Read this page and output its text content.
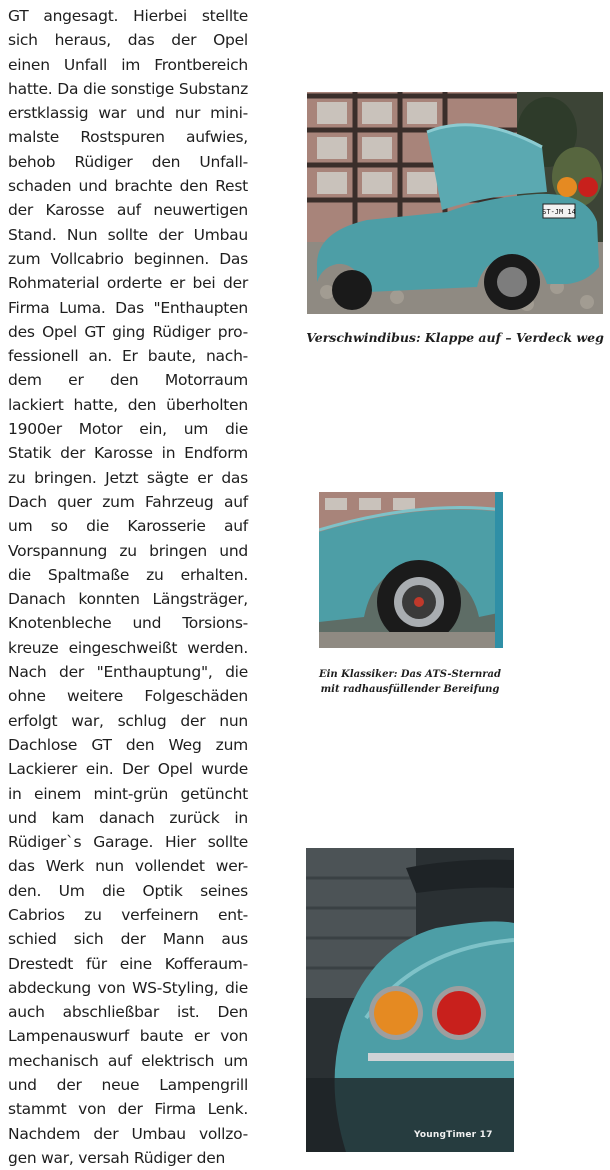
GT angesagt. Hierbei stellte
sich heraus, das der Opel
einen Unfall im Frontbereich
hatte. Da die sonstige Substanz
erstklassig war und nur mini-
malste Rostspuren aufwies,
behob Rüdiger den Unfall-
schaden und brachte den Rest
der Karosse auf neuwertigen
Stand. Nun sollte der Umbau
zum Vollcabrio beginnen. Das
Rohmaterial orderte er bei der
Firma Luma. Das "Enthaupten
des Opel GT ging Rüdiger pro-
fessionell an. Er baute, nach-
dem er den Motorraum
lackiert hatte, den überholten
1900er Motor ein, um die
Statik der Karosse in Endform
zu bringen. Jetzt sägte er das
Dach quer zum Fahrzeug auf
um so die Karosserie auf
Vorspannung zu bringen und
die Spaltmaße zu erhalten.
Danach konnten Längsträger,
Knotenbleche und Torsions-
kreuze eingeschweißt werden.
Nach der "Enthauptung", die
ohne weitere Folgeschäden
erfolgt war, schlug der nun
Dachlose GT den Weg zum
Lackierer ein. Der Opel wurde
in einem mint-grün getüncht
und kam danach zurück in
Rüdiger`s Garage. Hier sollte
das Werk nun vollendet wer-
den. Um die Optik seines
Cabrios zu verfeinern ent-
schied sich der Mann aus
Drestedt für eine Kofferaum-
abdeckung von WS-Styling, die
auch abschließbar ist. Den
Lampenauswurf baute er von
mechanisch auf elektrisch um
und der neue Lampengrill
stammt von der Firma Lenk.
Nachdem der Umbau vollzo-
gen war, versah Rüdiger den
ST-JM 14
Verschwindibus: Klappe auf – Verdeck weg
Ein Klassiker: Das ATS-Sternrad
mit radhausfüllender Bereifung
YoungTimer 17
